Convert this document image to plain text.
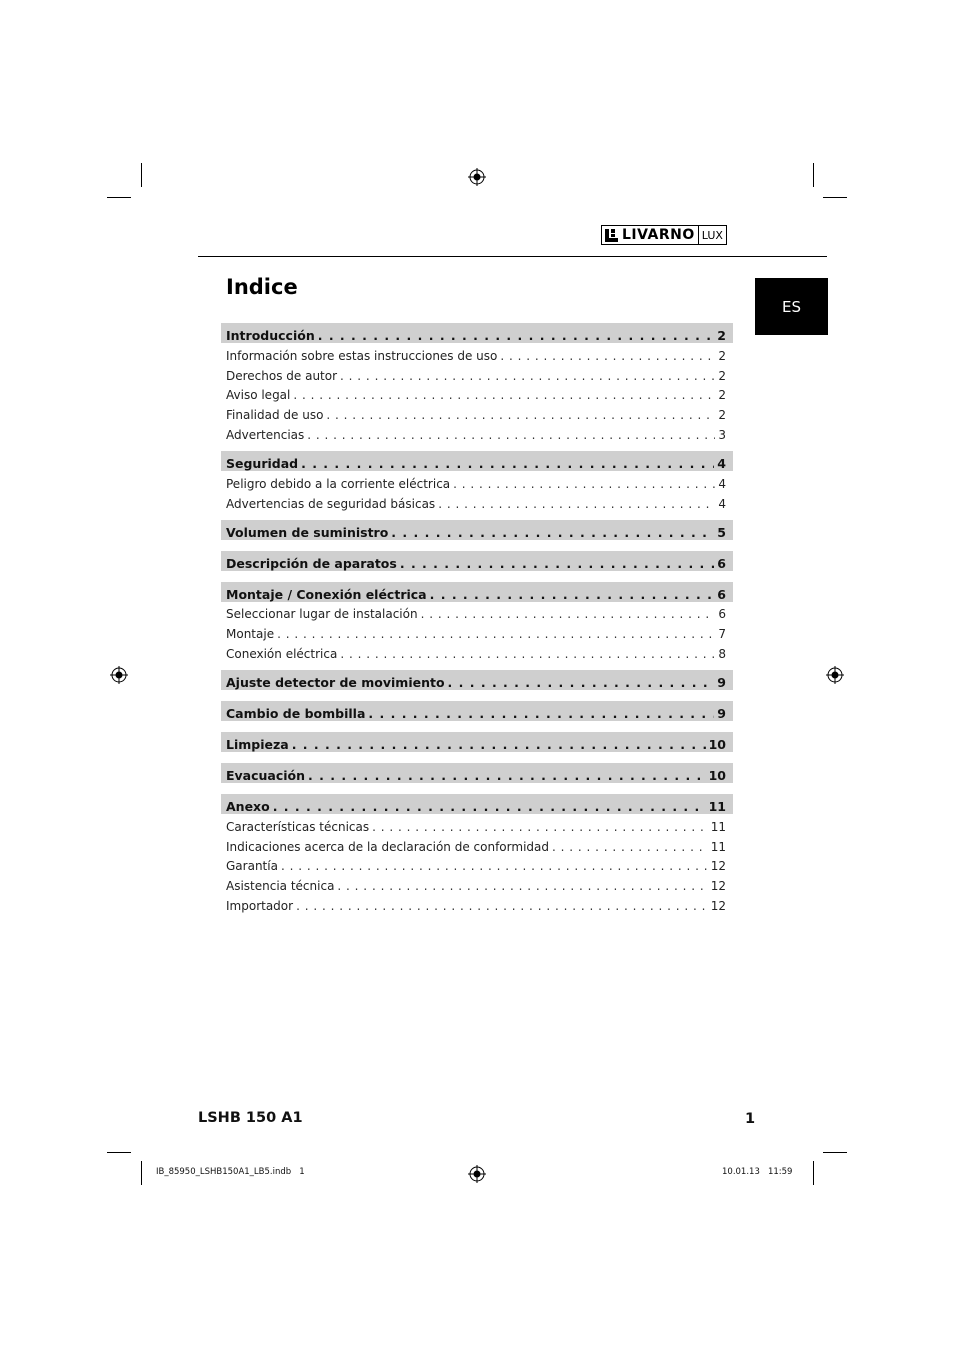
LIVARNO LUX
ES
Indice
Introducción . . .	2
Información sobre estas instrucciones de uso . . .	2
Derechos de autor . . .	2
Aviso legal . . .	2
Finalidad de uso . . .	2
Advertencias . . .	3
Seguridad . . .	4
Peligro debido a la corriente eléctrica . . .	4
Advertencias de seguridad básicas . . .	4
Volumen de suministro . . .	5
Descripción de aparatos . . .	6
Montaje / Conexión eléctrica . . .	6
Seleccionar lugar de instalación . . .	6
Montaje . . .	7
Conexión eléctrica . . .	8
Ajuste detector de movimiento . . .	9
Cambio de bombilla . . .	9
Limpieza . . .	10
Evacuación . . .	10
Anexo . . .	11
Características técnicas . . .	11
Indicaciones acerca de la declaración de conformidad . . .	11
Garantía . . .	12
Asistencia técnica . . .	12
Importador . . .	12
LSHB 150 A1	1
IB_85950_LSHB150A1_LB5.indb   1	10.01.13   11:59
